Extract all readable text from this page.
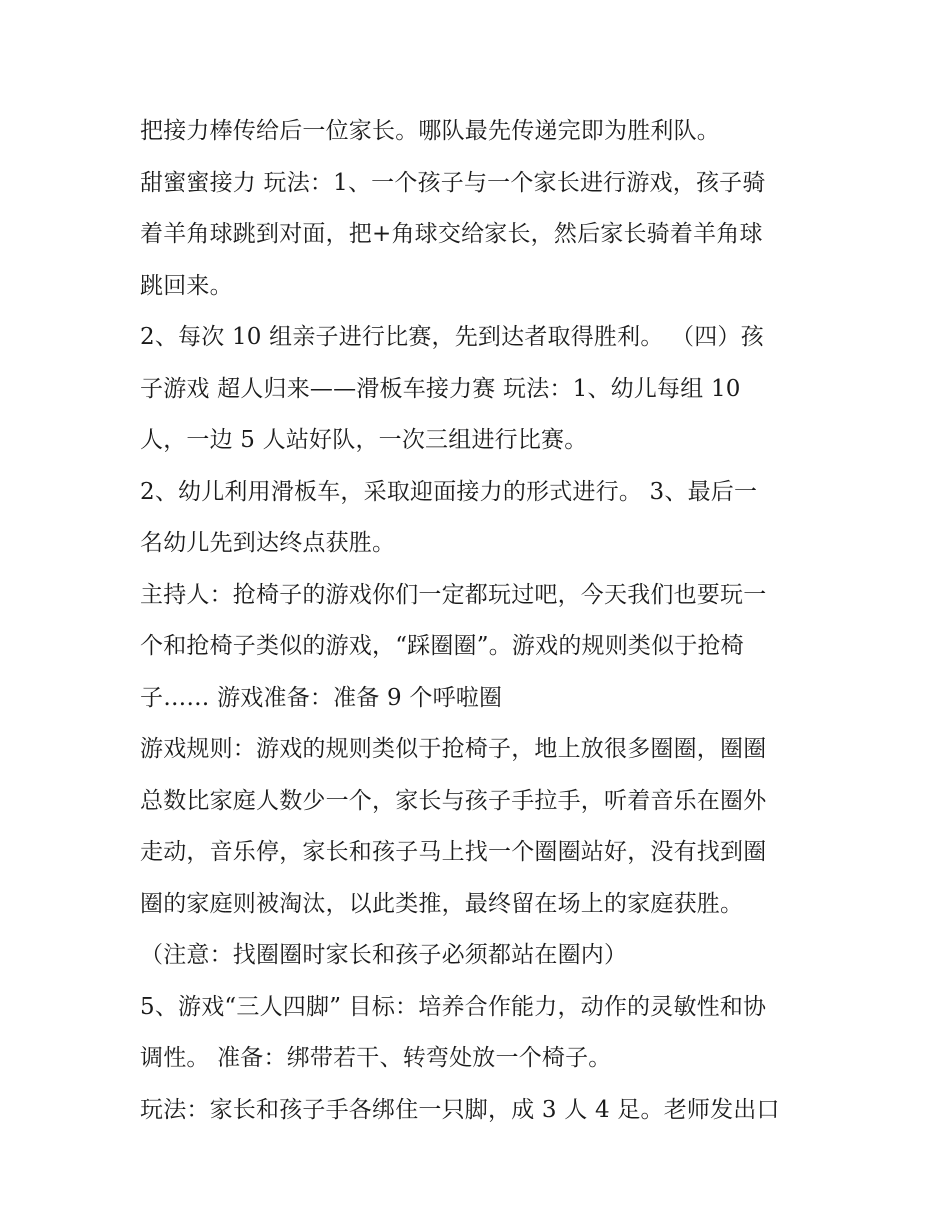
把接力棒传给后一位家长。哪队最先传递完即为胜利队。
甜蜜蜜接力 玩法：1、一个孩子与一个家长进行游戏，孩子骑
着羊角球跳到对面，把+角球交给家长，然后家长骑着羊角球
跳回来。
2、每次 10 组亲子进行比赛，先到达者取得胜利。 （四）孩
子游戏 超人归来——滑板车接力赛 玩法：1、幼儿每组 10
人，一边 5 人站好队，一次三组进行比赛。
2、幼儿利用滑板车，采取迎面接力的形式进行。 3、最后一
名幼儿先到达终点获胜。
主持人：抢椅子的游戏你们一定都玩过吧，今天我们也要玩一
个和抢椅子类似的游戏，“踩圈圈”。游戏的规则类似于抢椅
子…… 游戏准备：准备 9 个呼啦圈
游戏规则：游戏的规则类似于抢椅子，地上放很多圈圈，圈圈
总数比家庭人数少一个，家长与孩子手拉手，听着音乐在圈外
走动，音乐停，家长和孩子马上找一个圈圈站好，没有找到圈
圈的家庭则被淘汰，以此类推，最终留在场上的家庭获胜。
（注意：找圈圈时家长和孩子必须都站在圈内）
5、游戏“三人四脚” 目标：培养合作能力，动作的灵敏性和协
调性。 准备：绑带若干、转弯处放一个椅子。
玩法：家长和孩子手各绑住一只脚，成 3 人 4 足。老师发出口
